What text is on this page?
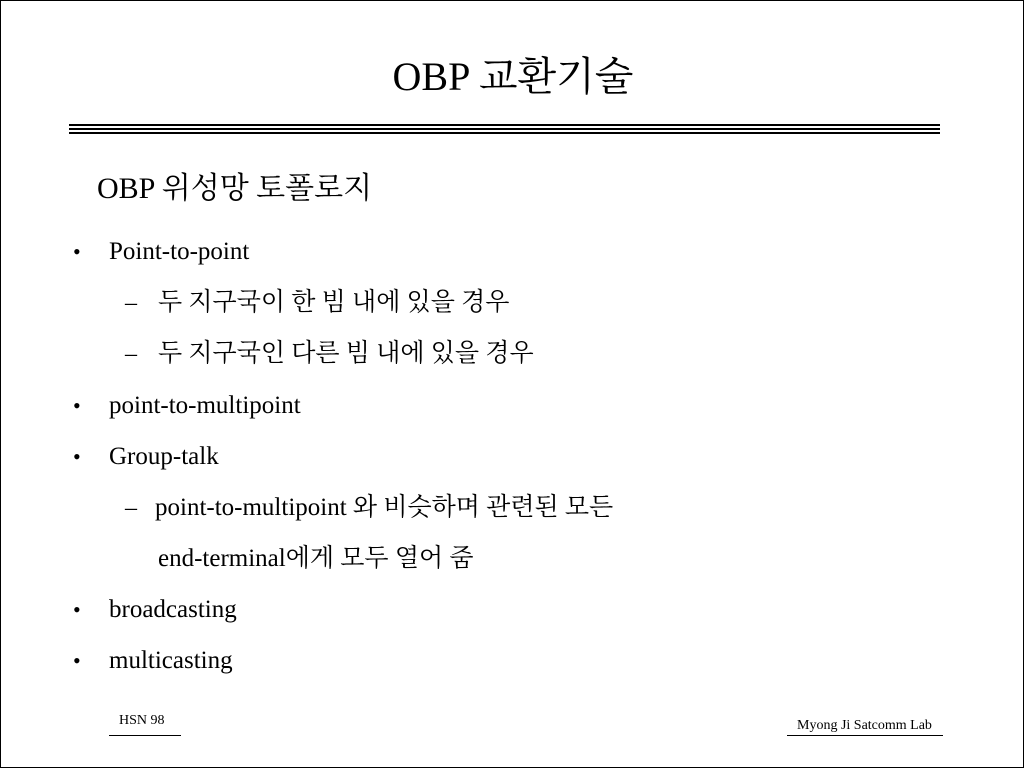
OBP 교환기술
OBP 위성망 토폴로지
• Point-to-point
– 두 지구국이 한 빔 내에 있을 경우
– 두 지구국인 다른 빔 내에 있을 경우
• point-to-multipoint
• Group-talk
– point-to-multipoint 와 비슷하며 관련된 모든
end-terminal에게 모두 열어 줌
• broadcasting
• multicasting
HSN 98	Myong Ji Satcomm Lab
